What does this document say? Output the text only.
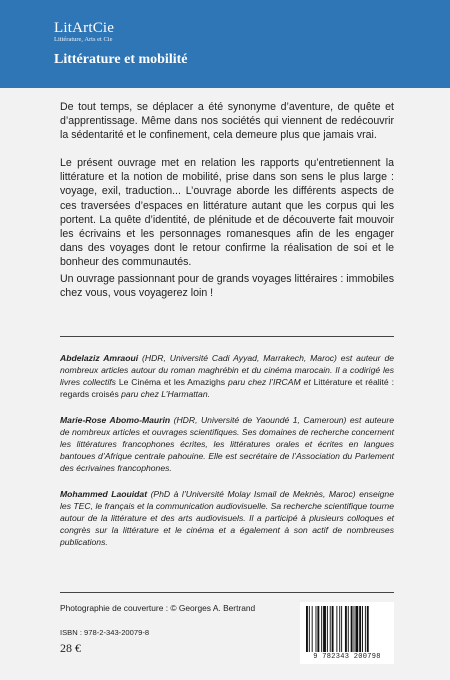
LitArtCie
Littérature, Arts et Cie
Littérature et mobilité

De tout temps, se déplacer a été synonyme d’aventure, de quête et d’apprentissage. Même dans nos sociétés qui viennent de redécouvrir la sédentarité et le confinement, cela demeure plus que jamais vrai.

Le présent ouvrage met en relation les rapports qu’entretiennent la littérature et la notion de mobilité, prise dans son sens le plus large : voyage, exil, traduction... L’ouvrage aborde les différents aspects de ces traversées d’espaces en littérature autant que les corpus qui les portent. La quête d’identité, de plénitude et de découverte fait mouvoir les écrivains et les personnages romanesques afin de les engager dans des voyages dont le retour confirme la réalisation de soi et le bonheur des communautés.

Un ouvrage passionnant pour de grands voyages littéraires : immobiles chez vous, vous voyagerez loin !

Abdelaziz Amraoui (HDR, Université Cadi Ayyad, Marrakech, Maroc) est auteur de nombreux articles autour du roman maghrébin et du cinéma marocain. Il a codirigé les livres collectifs Le Cinéma et les Amazighs paru chez l’IRCAM et Littérature et réalité : regards croisés paru chez L’Harmattan.

Marie-Rose Abomo-Maurin (HDR, Université de Yaoundé 1, Cameroun) est auteure de nombreux articles et ouvrages scientifiques. Ses domaines de recherche concernent les littératures francophones écrites, les littératures orales et écrites en langues bantoues d’Afrique centrale pahouine. Elle est secrétaire de l’Association du Parlement des écrivaines francophones.

Mohammed Laouidat (PhD à l’Université Molay Ismail de Meknès, Maroc) enseigne les TEC, le français et la communication audiovisuelle. Sa recherche scientifique tourne autour de la littérature et des arts audiovisuels. Il a participé à plusieurs colloques et congrès sur la littérature et le cinéma et a également à son actif de nombreuses publications.

Photographie de couverture : © Georges A. Bertrand
ISBN : 978-2-343-20079-8
28 €
9 782343 200798
